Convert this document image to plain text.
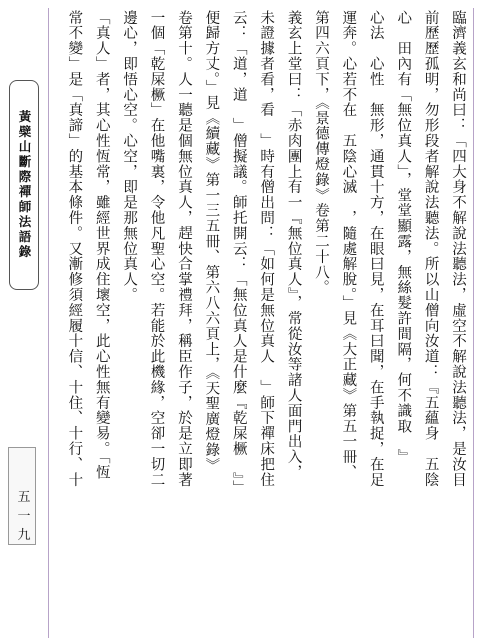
臨濟義玄和尚曰：「四大身不解說法聽法，虛空不解說法聽法，是汝目

前歷歷孤明，勿形段者解說法聽法。所以山僧向汝道：『五蘊身　五陰

心　田內有「無位真人」，堂堂顯露，無絲髮許間隔，何不識取　』

心法　心性　無形，通貫十方，在眼曰見，在耳曰聞，在手執捉，在足

運奔。心若不在　五陰心滅　，隨處解脫。」見《大正藏》第五一冊、

第四六頁下，《景德傳燈錄》卷第二十八。

義玄上堂曰：「赤肉團上有一『無位真人』，常從汝等諸人面門出入，

未證據者看，看　」時有僧出問：「如何是無位真人　」師下禪床把住

云：「道，道　」僧擬議。師托開云：「無位真人是什麼『乾屎橛　』」

便歸方丈。」見《續藏》第一三五冊、第六八六頁上，《天聖廣燈錄》

卷第十。人一聽是個無位真人，趕快合掌禮拜，稱臣作子，於是立即著

一個「乾屎橛」在他嘴裏，令他凡聖心空。若能於此機緣，空卻一切二

邊心，即悟心空。心空，即是那無位真人。

「真人」者，其心性恆常，雖經世界成住壞空，此心性無有變易。「恆

常不變」是「真諦」的基本條件。又漸修須經履十信、十住、十行、十

黃檗山斷際禪師法語錄
五
一
九
